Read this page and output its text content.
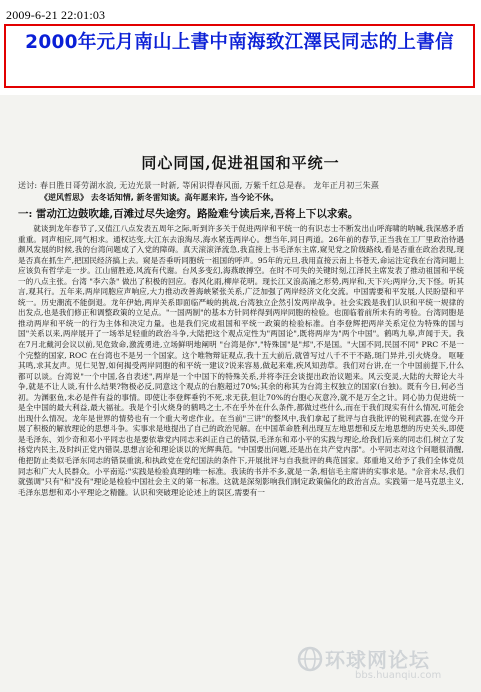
2009-6-21 22:01:03
2000年元月南山上書中南海致江澤民同志的上書信
同心同国,促进祖国和平统一
送讨: 春日胜日哥劳湖水浪, 无边光景一时新, 等闲识得春风面, 万紫千红总是春。 龙年正月初三朱熹
《逆风哲思》 去冬话知情, 新冬雷知谈。高年愿来许, 当今论不休。
一: 雷动江边鼓吹雄,百滩过尽失途穷。路险难兮读后来,吾将上下以求索。

就谈到龙年春节了,又值江八点发表五周年之际,听到许多关于促进两岸和平统一的有识志士不断发出山呼海啸的呐喊,我深感矛盾重重。同声相应,同气相求。通权达变,大江东去浪淘尽,海水紧连两岸心。想当年,同日两道。26年前的春节,正当我在工厂里政治待遇颇风发展的时候,我的台湾问题成了入党的障碍。真天滚滚泽流急,我直接上书毛泽东主席,窥见党之阶级路线,看是否重在政治表现,现是否真在抓生产,把国民经济搞上去。窥是否垂听同胞统一祖国的呼声。95年的元旦,我用直接云南上书苍天,命运注定我在台湾问题上应该负有哲学走一步。江山留胜迹,风流有代谢。台风多变幻,海燕敢搏空。在时不可失的关键时刻,江泽民主席发表了推动祖国和平统一的八点主张。台湾 "李六条" 做出了积极的回应。春风化雨,柳岸花明。现长江又浪高涌之形势,两岸和,天下兴;两岸分,天下怪。听其言,观其行。五年来,两岸同胞应声响应,大力推动改善海峡紧张关系,广泛加强了两岸经济文化交流。中国需要和平发展,人民盼望和平统一。历史潮流不能倒退。龙年伊始,两岸关系即面临严峻的挑战,台湾独立企然引发两岸战争。社会实践是我们认识和平统一规律的出发点,也是我们修正和调整政策的立足点。"一国两制"的基本方针同样得到两岸同胞的检验。也面临着前所未有的考验。台湾同胞是推动两岸和平统一的行为主体和决定力量。也是我们完成祖国和平统一政策的检验标准。自李登辉把两岸关系定位为特殊的国与国"关系以来,两岸展开了一场举足轻重的政治斗争,大陆把这个观点定性为"两国论",既将两岸为"两个中国"。鹤鸣九皋,声闻于天。我在7月北戴河会议以前,见危致命,激流勇进,立场鲜明地阐明 "台湾是你","特殊国"是"邦",不是国。"大国不同,民国不同" PRC 不是一个完整的国家, ROC 在台湾也不是另一个国家。这个唯物辩证观点,我十五大前后,就曾写过八千不干不路,斑门异并,引火烧身。 呕哑其鸣,求其友声。见仁见智,如何揭受两岸同胞的和平统一建议?说来容易,做起来难,疾风知劲草。我们对台讲,在一个中国前提下,什么都可以谈。台湾说"一个中国,各自表述",两岸是一个中国下的特殊关系,并将李汪会谈提出政治议题来。风云变灵,大陆的大辩论大斗争,就是不让人谈,有什么结果?物极必反,同意这个观点的台胞超过70%;其余的称其为台湾主权独立的国家(台独)。既有今日,何必当初。为渊驱鱼,未必是件有益的事情。即使让李登辉垂钓不死,求无获,但让70%的台胞心灰意冷,就不是万全之计。同心协力促进统一是全中国的最大利益,最大福祉。我是个引火烧身的鹤鸣之士,不在乎外在什么条件,都做过些什么,而在于我们现实有什么情况,可能会出现什么情况。龙年是世界的情势也有一个重大考虑作业。在当前"三讲"的整风中,我们拿起了批评与自我批评的锐利武器,在觉今开展了积极的解放理论的思想斗争。实事求是地提出了自己的政治见解。在中国革命胜利出现互左地思想和反左地思想的历史关头,即使是毛泽东、刘少奇和邓小平同志也是要依靠党内同志来纠正自己的错误,毛泽东和邓小平的实践与理论,给我们后来的同志们,树立了发扬党内民主,及时纠正党内错误,思想言论和理论谈以的光辉典范。"中国要出问题,还是出在共产党内部"。小平同志对这个问题很清醒,他把防止类似毛泽东同志的错误重演,和执政党在党纪国法的条件下,开展批评与自我批评的典范国家。郑重地又给予了我们全体党员同志和广大人民群众。小平南巡:"实践是检验真理的唯一标准。我读的书并不多,就是一条,相信毛主席讲的实事求是。"佘音未尽,我们就强调"只有"和"没有"理论是检验中国社会主义的第一标准。这就是深刻影响我们制定政策偏化的政治言点。实践第一是马克思主义,毛泽东思想和邓小平理论之精髓。认识和突破理论论述上的误区,需要有一

环球网论坛
bbs.huanqiu.com
